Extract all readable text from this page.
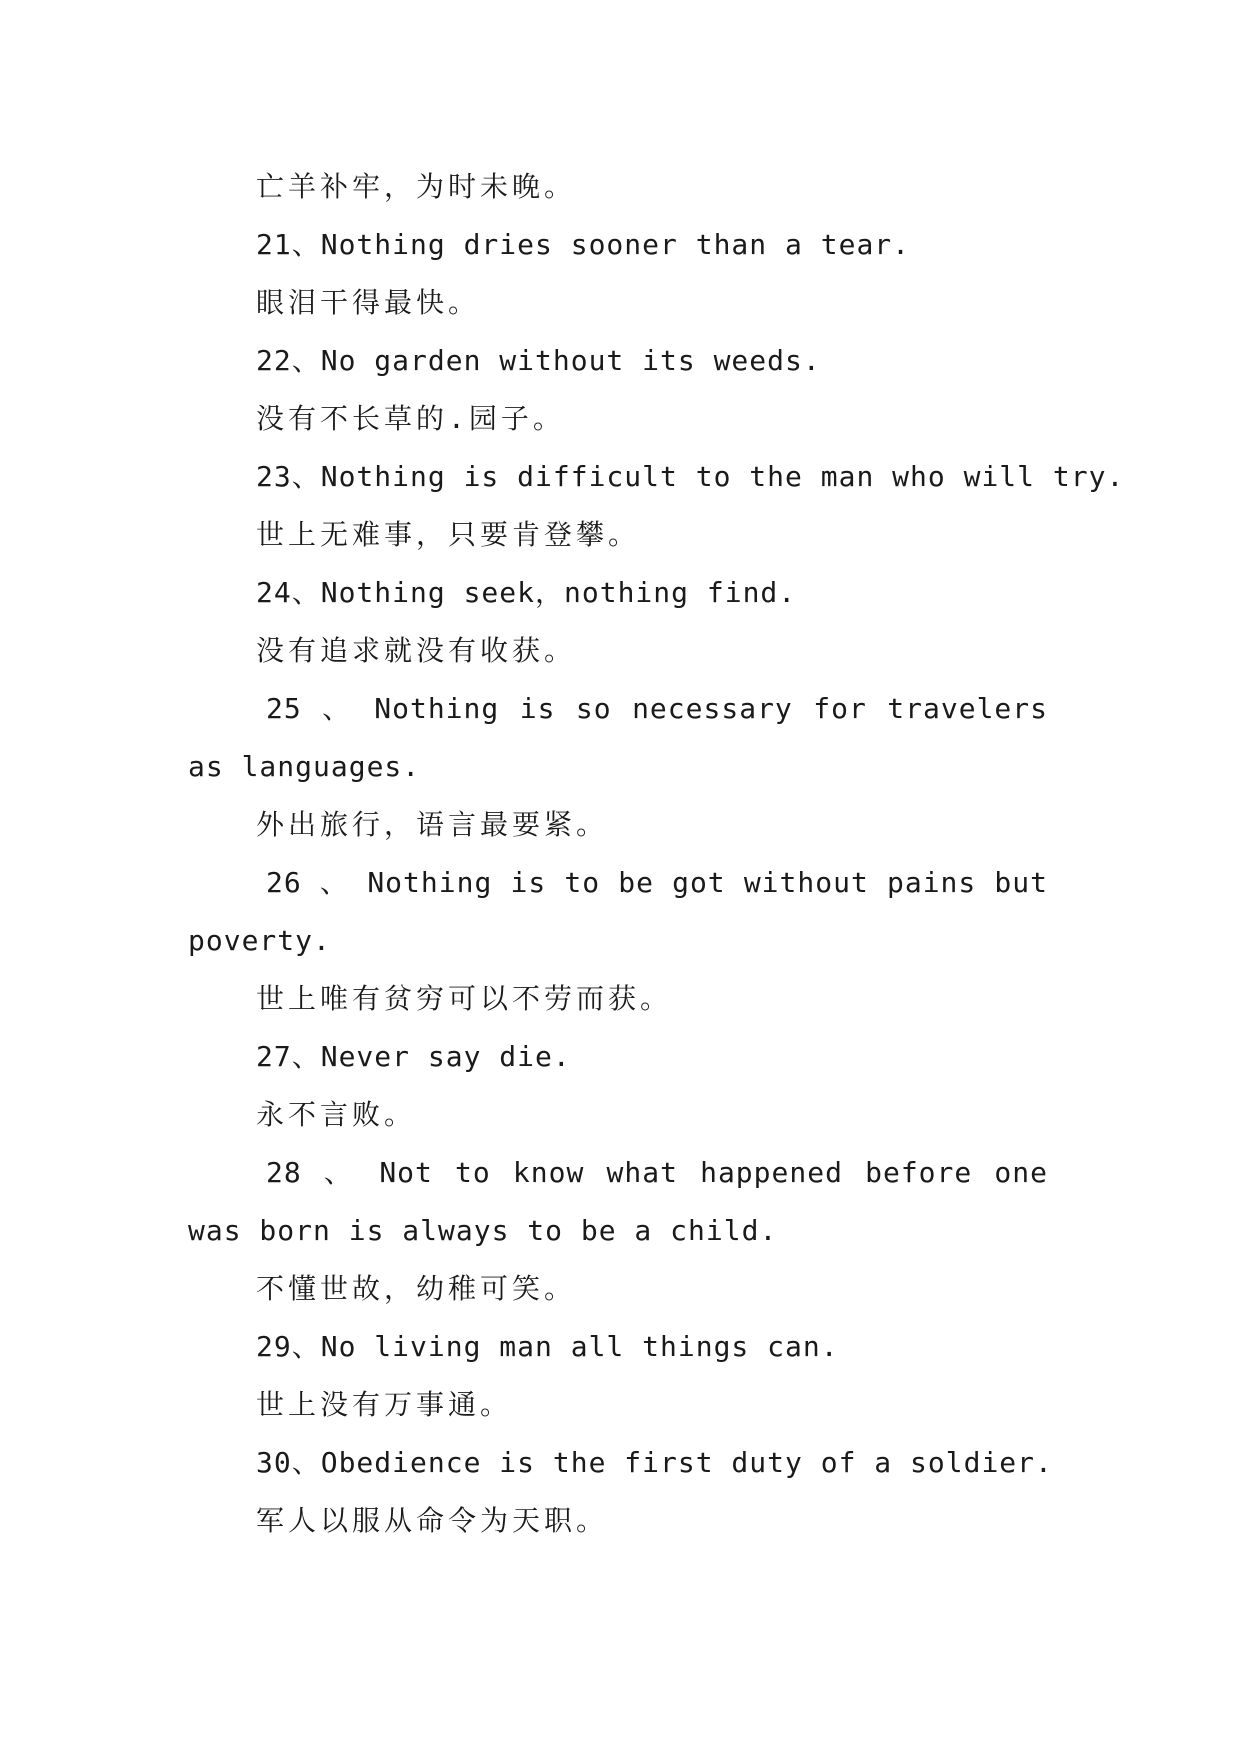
亡羊补牢，为时未晚。

21、Nothing dries sooner than a tear.

眼泪干得最快。

22、No garden without its weeds.

没有不长草的.园子。

23、Nothing is difficult to the man who will try.

世上无难事，只要肯登攀。

24、Nothing seek，nothing find.

没有追求就没有收获。

25 、 Nothing is so necessary for travelers as languages.

外出旅行，语言最要紧。

26 、 Nothing is to be got without pains but poverty.

世上唯有贫穷可以不劳而获。

27、Never say die.

永不言败。

28 、 Not to know what happened before one was born is always to be a child.

不懂世故，幼稚可笑。

29、No living man all things can.

世上没有万事通。

30、Obedience is the first duty of a soldier.

军人以服从命令为天职。
